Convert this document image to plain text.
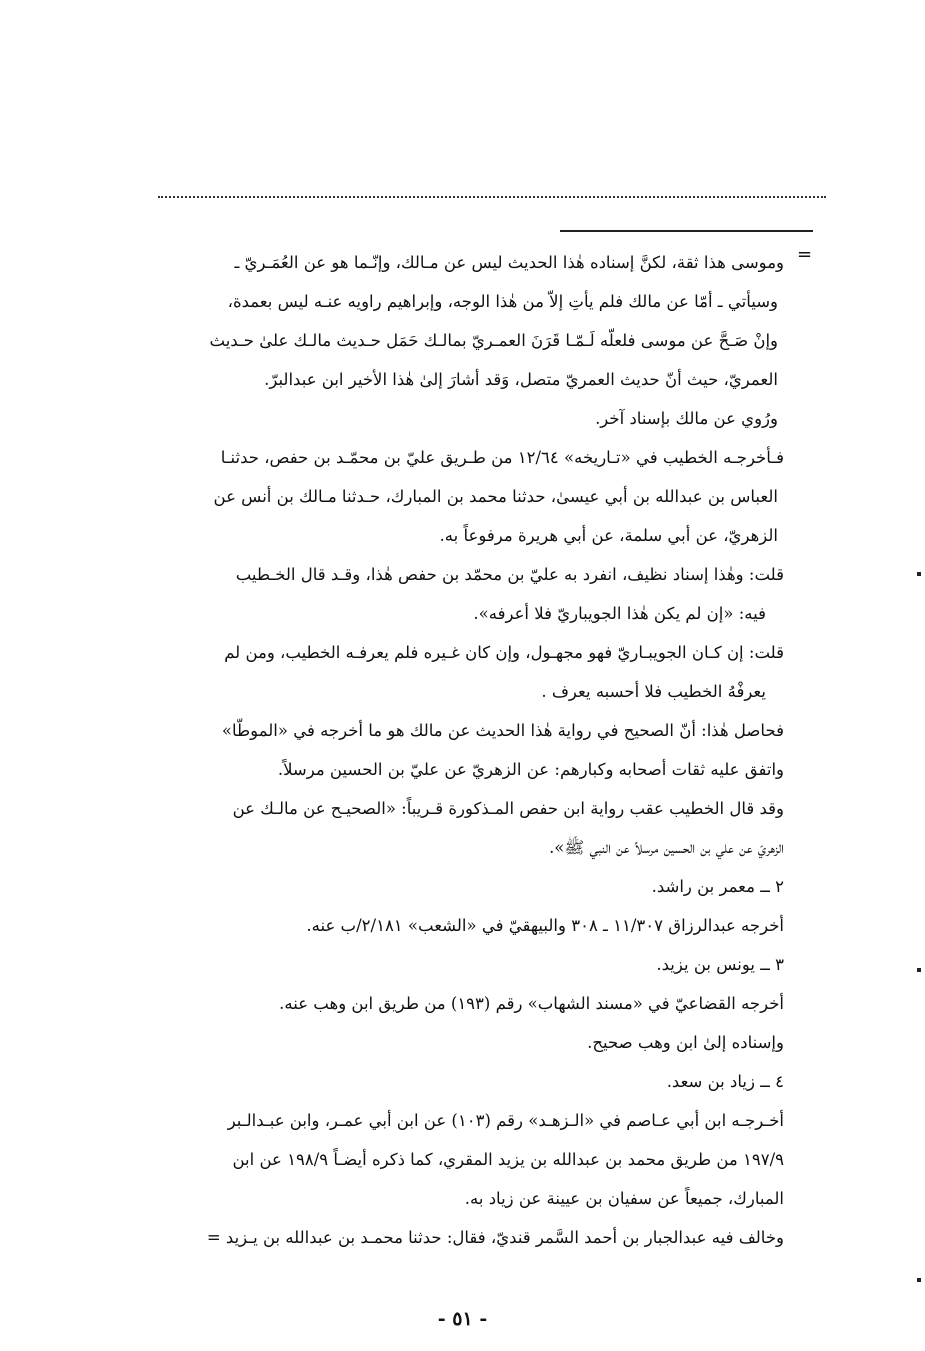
=
وموسى هذا ثقة، لكنَّ إسناده هٰذا الحديث ليس عن مـالك، وإنّـما هو عن العُمَـريّ ـ
وسيأتي ـ أمّا عن مالك فلم يأتِ إلاّ من هٰذا الوجه، وإبراهيم راويه عنـه ليس بعمدة،
وإنْ صَـحَّ عن موسى فلعلّه لَـمّـا قَرَنَ العمـريّ بمالـك حَمَل حـديث مالـك علىٰ حـديث
العمريّ، حيث أنّ حديث العمريّ متصل، وَقد أشارَ إلىٰ هٰذا الأخير ابن عبدالبرّ.
ورُوي عن مالك بإسناد آخر.
فـأخرجـه الخطيب في «تـاريخه» ١٢/٦٤ من طـريق عليّ بن محمّـد بن حفص، حدثنـا
العباس بن عبدالله بن أبي عيسىٰ، حدثنا محمد بن المبارك، حـدثنا مـالك بن أنس عن
الزهريّ، عن أبي سلمة، عن أبي هريرة مرفوعاً به.
قلت: وهٰذا إسناد نظيف، انفرد به عليّ بن محمّد بن حفص هٰذا، وقـد قال الخـطيب
فيه: «إن لم يكن هٰذا الجويباريّ فلا أعرفه».
قلت: إن كـان الجويبـاريّ فهو مجهـول، وإن كان غـيره فلم يعرفـه الخطيب، ومن لم
يعرفْهُ الخطيب فلا أحسبه يعرف .
فحاصل هٰذا: أنّ الصحيح في رواية هٰذا الحديث عن مالك هو ما أخرجه في «الموطّا»
واتفق عليه ثقات أصحابه وكبارهم: عن الزهريّ عن عليّ بن الحسين مرسلاً.
وقد قال الخطيب عقب رواية ابن حفص المـذكورة قـريباً: «الصحيـح عن مالـك عن
الزهريّ عن علي بن الحسين مرسلاً عن النبي ﷺ».
٢ ــ معمر بن راشد.
أخرجه عبدالرزاق ١١/٣٠٧ ـ ٣٠٨ والبيهقيّ في «الشعب» ٢/١٨١/ب عنه.
٣ ــ يونس بن يزيد.
أخرجه القضاعيّ في «مسند الشهاب» رقم (١٩٣) من طريق ابن وهب عنه.
وإسناده إلىٰ ابن وهب صحيح.
٤ ــ زياد بن سعد.
أخـرجـه ابن أبي عـاصم في «الـزهـد» رقم (١٠٣) عن ابن أبي عمـر، وابن عبـدالـبر
١٩٧/٩ من طريق محمد بن عبدالله بن يزيد المقري، كما ذكره أيضـاً ١٩٨/٩ عن ابن
المبارك، جميعاً عن سفيان بن عيينة عن زياد به.
وخالف فيه عبدالجبار بن أحمد السَّمر قنديّ، فقال: حدثنا محمـد بن عبدالله بن يـزيد =
- ٥١ -
